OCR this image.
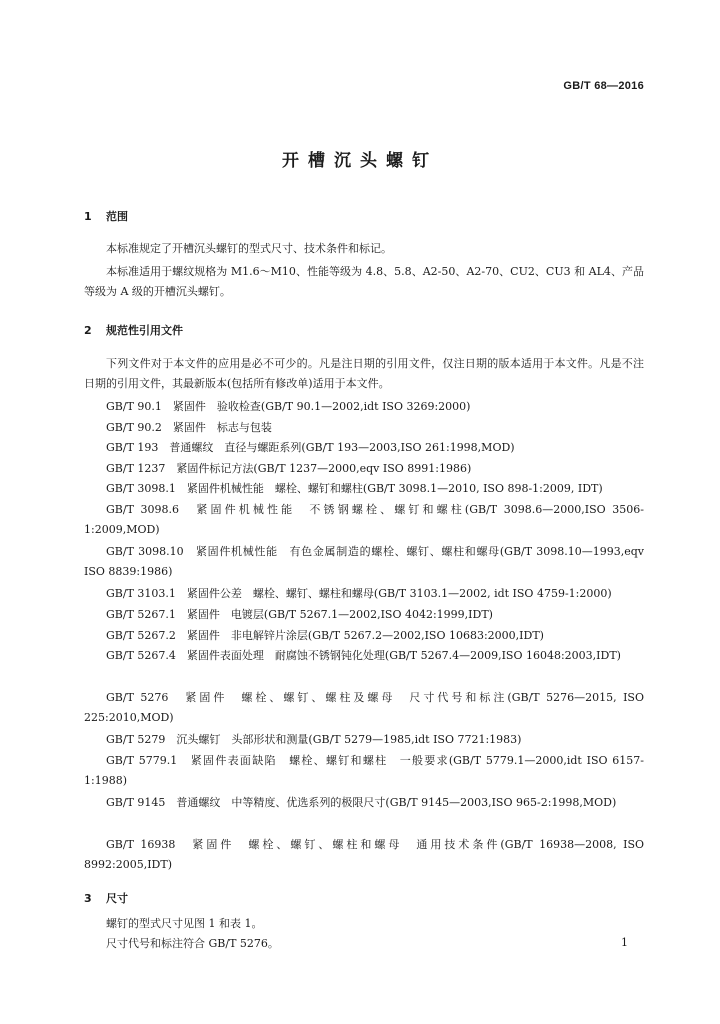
GB/T 68—2016
开槽沉头螺钉
1 范围
本标准规定了开槽沉头螺钉的型式尺寸、技术条件和标记。
本标准适用于螺纹规格为 M1.6～M10、性能等级为 4.8、5.8、A2-50、A2-70、CU2、CU3 和 AL4、产品等级为 A 级的开槽沉头螺钉。
2 规范性引用文件
下列文件对于本文件的应用是必不可少的。凡是注日期的引用文件，仅注日期的版本适用于本文件。凡是不注日期的引用文件，其最新版本(包括所有修改单)适用于本文件。
GB/T 90.1　紧固件　验收检查(GB/T 90.1—2002,idt ISO 3269:2000)
GB/T 90.2　紧固件　标志与包装
GB/T 193　普通螺纹　直径与螺距系列(GB/T 193—2003,ISO 261:1998,MOD)
GB/T 1237　紧固件标记方法(GB/T 1237—2000,eqv ISO 8991:1986)
GB/T 3098.1　紧固件机械性能　螺栓、螺钉和螺柱(GB/T 3098.1—2010, ISO 898-1:2009, IDT)
GB/T 3098.6　紧固件机械性能　不锈钢螺栓、螺钉和螺柱(GB/T 3098.6—2000,ISO 3506-1:2009,MOD)
GB/T 3098.10　紧固件机械性能　有色金属制造的螺栓、螺钉、螺柱和螺母(GB/T 3098.10—1993,eqv ISO 8839:1986)
GB/T 3103.1　紧固件公差　螺栓、螺钉、螺柱和螺母(GB/T 3103.1—2002, idt ISO 4759-1:2000)
GB/T 5267.1　紧固件　电镀层(GB/T 5267.1—2002,ISO 4042:1999,IDT)
GB/T 5267.2　紧固件　非电解锌片涂层(GB/T 5267.2—2002,ISO 10683:2000,IDT)
GB/T 5267.4　紧固件表面处理　耐腐蚀不锈钢钝化处理(GB/T 5267.4—2009,ISO 16048:2003,IDT)
GB/T 5276　紧固件　螺栓、螺钉、螺柱及螺母　尺寸代号和标注(GB/T 5276—2015, ISO 225:2010,MOD)
GB/T 5279　沉头螺钉　头部形状和测量(GB/T 5279—1985,idt ISO 7721:1983)
GB/T 5779.1　紧固件表面缺陷　螺栓、螺钉和螺柱　一般要求(GB/T 5779.1—2000,idt ISO 6157-1:1988)
GB/T 9145　普通螺纹　中等精度、优选系列的极限尺寸(GB/T 9145—2003,ISO 965-2:1998,MOD)
GB/T 16938　紧固件　螺栓、螺钉、螺柱和螺母　通用技术条件(GB/T 16938—2008, ISO 8992:2005,IDT)
3 尺寸
螺钉的型式尺寸见图 1 和表 1。
尺寸代号和标注符合 GB/T 5276。	1
